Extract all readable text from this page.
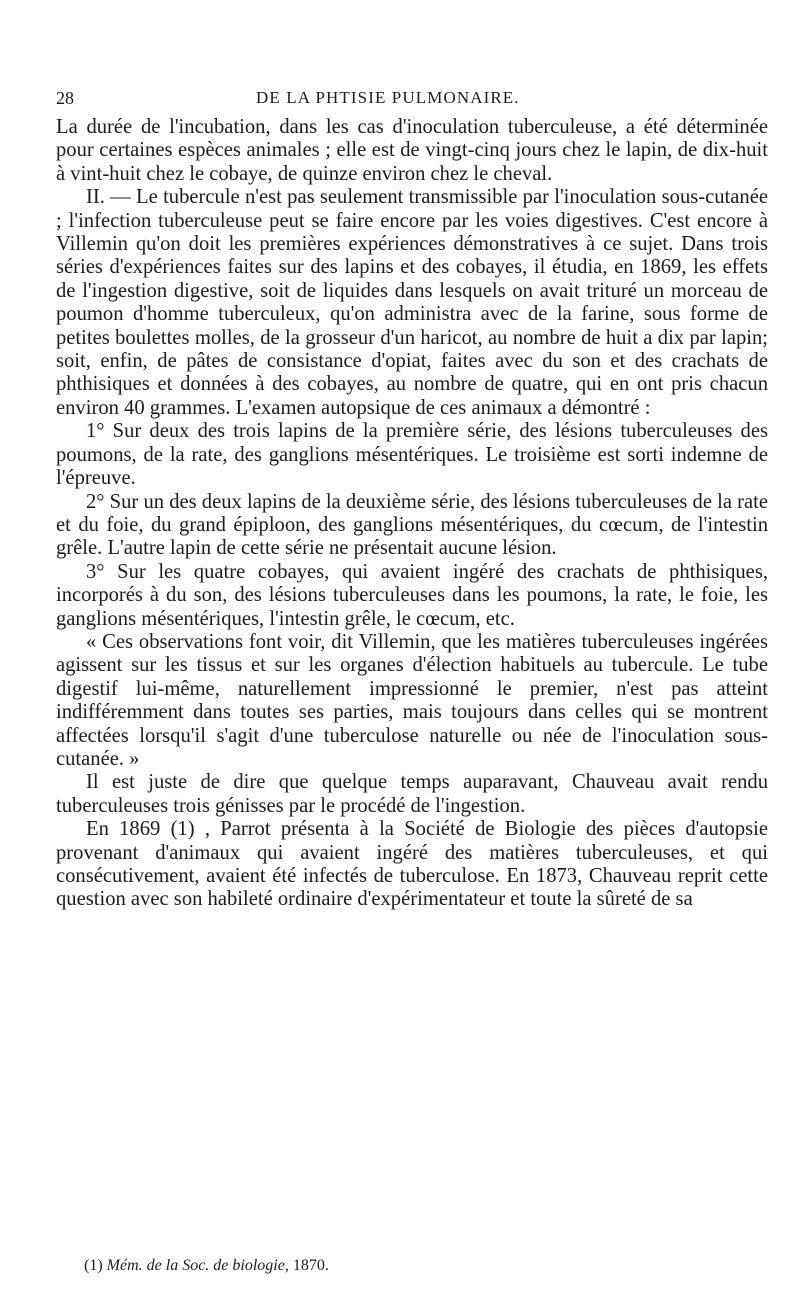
28	DE LA PHTISIE PULMONAIRE.

La durée de l'incubation, dans les cas d'inoculation tuberculeuse, a été déterminée pour certaines espèces animales ; elle est de vingt-cinq jours chez le lapin, de dix-huit à vint-huit chez le cobaye, de quinze environ chez le cheval.

II. — Le tubercule n'est pas seulement transmissible par l'inoculation sous-cutanée ; l'infection tuberculeuse peut se faire encore par les voies digestives. C'est encore à Villemin qu'on doit les premières expériences démonstratives à ce sujet. Dans trois séries d'expériences faites sur des lapins et des cobayes, il étudia, en 1869, les effets de l'ingestion digestive, soit de liquides dans lesquels on avait trituré un morceau de poumon d'homme tuberculeux, qu'on administra avec de la farine, sous forme de petites boulettes molles, de la grosseur d'un haricot, au nombre de huit a dix par lapin; soit, enfin, de pâtes de consistance d'opiat, faites avec du son et des crachats de phthisiques et données à des cobayes, au nombre de quatre, qui en ont pris chacun environ 40 grammes. L'examen autopsique de ces animaux a démontré :

1° Sur deux des trois lapins de la première série, des lésions tuberculeuses des poumons, de la rate, des ganglions mésentériques. Le troisième est sorti indemne de l'épreuve.

2° Sur un des deux lapins de la deuxième série, des lésions tuberculeuses de la rate et du foie, du grand épiploon, des ganglions mésentériques, du cœcum, de l'intestin grêle. L'autre lapin de cette série ne présentait aucune lésion.

3° Sur les quatre cobayes, qui avaient ingéré des crachats de phthisiques, incorporés à du son, des lésions tuberculeuses dans les poumons, la rate, le foie, les ganglions mésentériques, l'intestin grêle, le cœcum, etc.

« Ces observations font voir, dit Villemin, que les matières tuberculeuses ingérées agissent sur les tissus et sur les organes d'élection habituels au tubercule. Le tube digestif lui-même, naturellement impressionné le premier, n'est pas atteint indifféremment dans toutes ses parties, mais toujours dans celles qui se montrent affectées lorsqu'il s'agit d'une tuberculose naturelle ou née de l'inoculation sous-cutanée. »

Il est juste de dire que quelque temps auparavant, Chauveau avait rendu tuberculeuses trois génisses par le procédé de l'ingestion.

En 1869 (1) , Parrot présenta à la Société de Biologie des pièces d'autopsie provenant d'animaux qui avaient ingéré des matières tuberculeuses, et qui consécutivement, avaient été infectés de tuberculose. En 1873, Chauveau reprit cette question avec son habileté ordinaire d'expérimentateur et toute la sûreté de sa

(1) Mém. de la Soc. de biologie, 1870.
